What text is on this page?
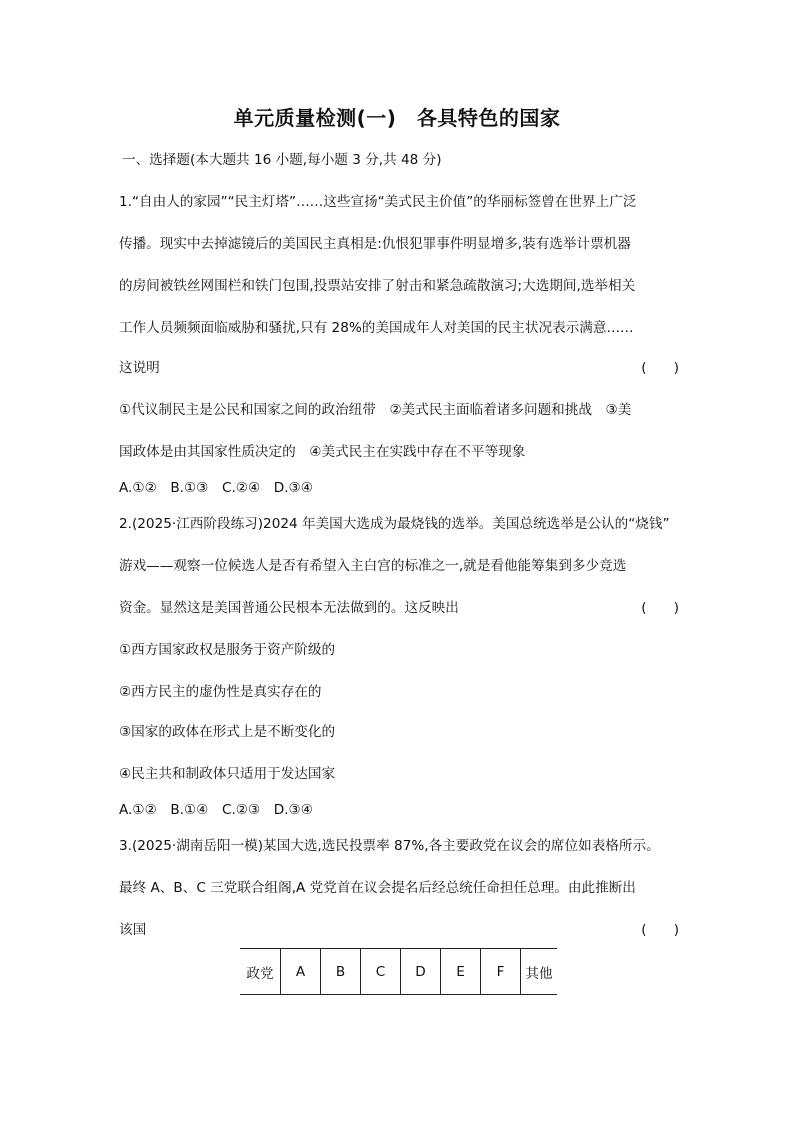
单元质量检测(一)　各具特色的国家
一、选择题(本大题共 16 小题,每小题 3 分,共 48 分)
1.“自由人的家园”“民主灯塔”……这些宣扬“美式民主价值”的华丽标签曾在世界上广泛
传播。现实中去掉滤镜后的美国民主真相是:仇恨犯罪事件明显增多,装有选举计票机器
的房间被铁丝网围栏和铁门包围,投票站安排了射击和紧急疏散演习;大选期间,选举相关
工作人员频频面临威胁和骚扰,只有 28%的美国成年人对美国的民主状况表示满意……
这说明	(　　)
①代议制民主是公民和国家之间的政治纽带　②美式民主面临着诸多问题和挑战　③美
国政体是由其国家性质决定的　④美式民主在实践中存在不平等现象
A.①②　B.①③　C.②④　D.③④
2.(2025·江西阶段练习)2024 年美国大选成为最烧钱的选举。美国总统选举是公认的“烧钱”
游戏——观察一位候选人是否有希望入主白宫的标准之一,就是看他能筹集到多少竞选
资金。显然这是美国普通公民根本无法做到的。这反映出	(　　)
①西方国家政权是服务于资产阶级的
②西方民主的虚伪性是真实存在的
③国家的政体在形式上是不断变化的
④民主共和制政体只适用于发达国家
A.①②　B.①④　C.②③　D.③④
3.(2025·湖南岳阳一模)某国大选,选民投票率 87%,各主要政党在议会的席位如表格所示。
最终 A、B、C 三党联合组阁,A 党党首在议会提名后经总统任命担任总理。由此推断出
该国	(　　)
政党	A	B	C	D	E	F	其他
